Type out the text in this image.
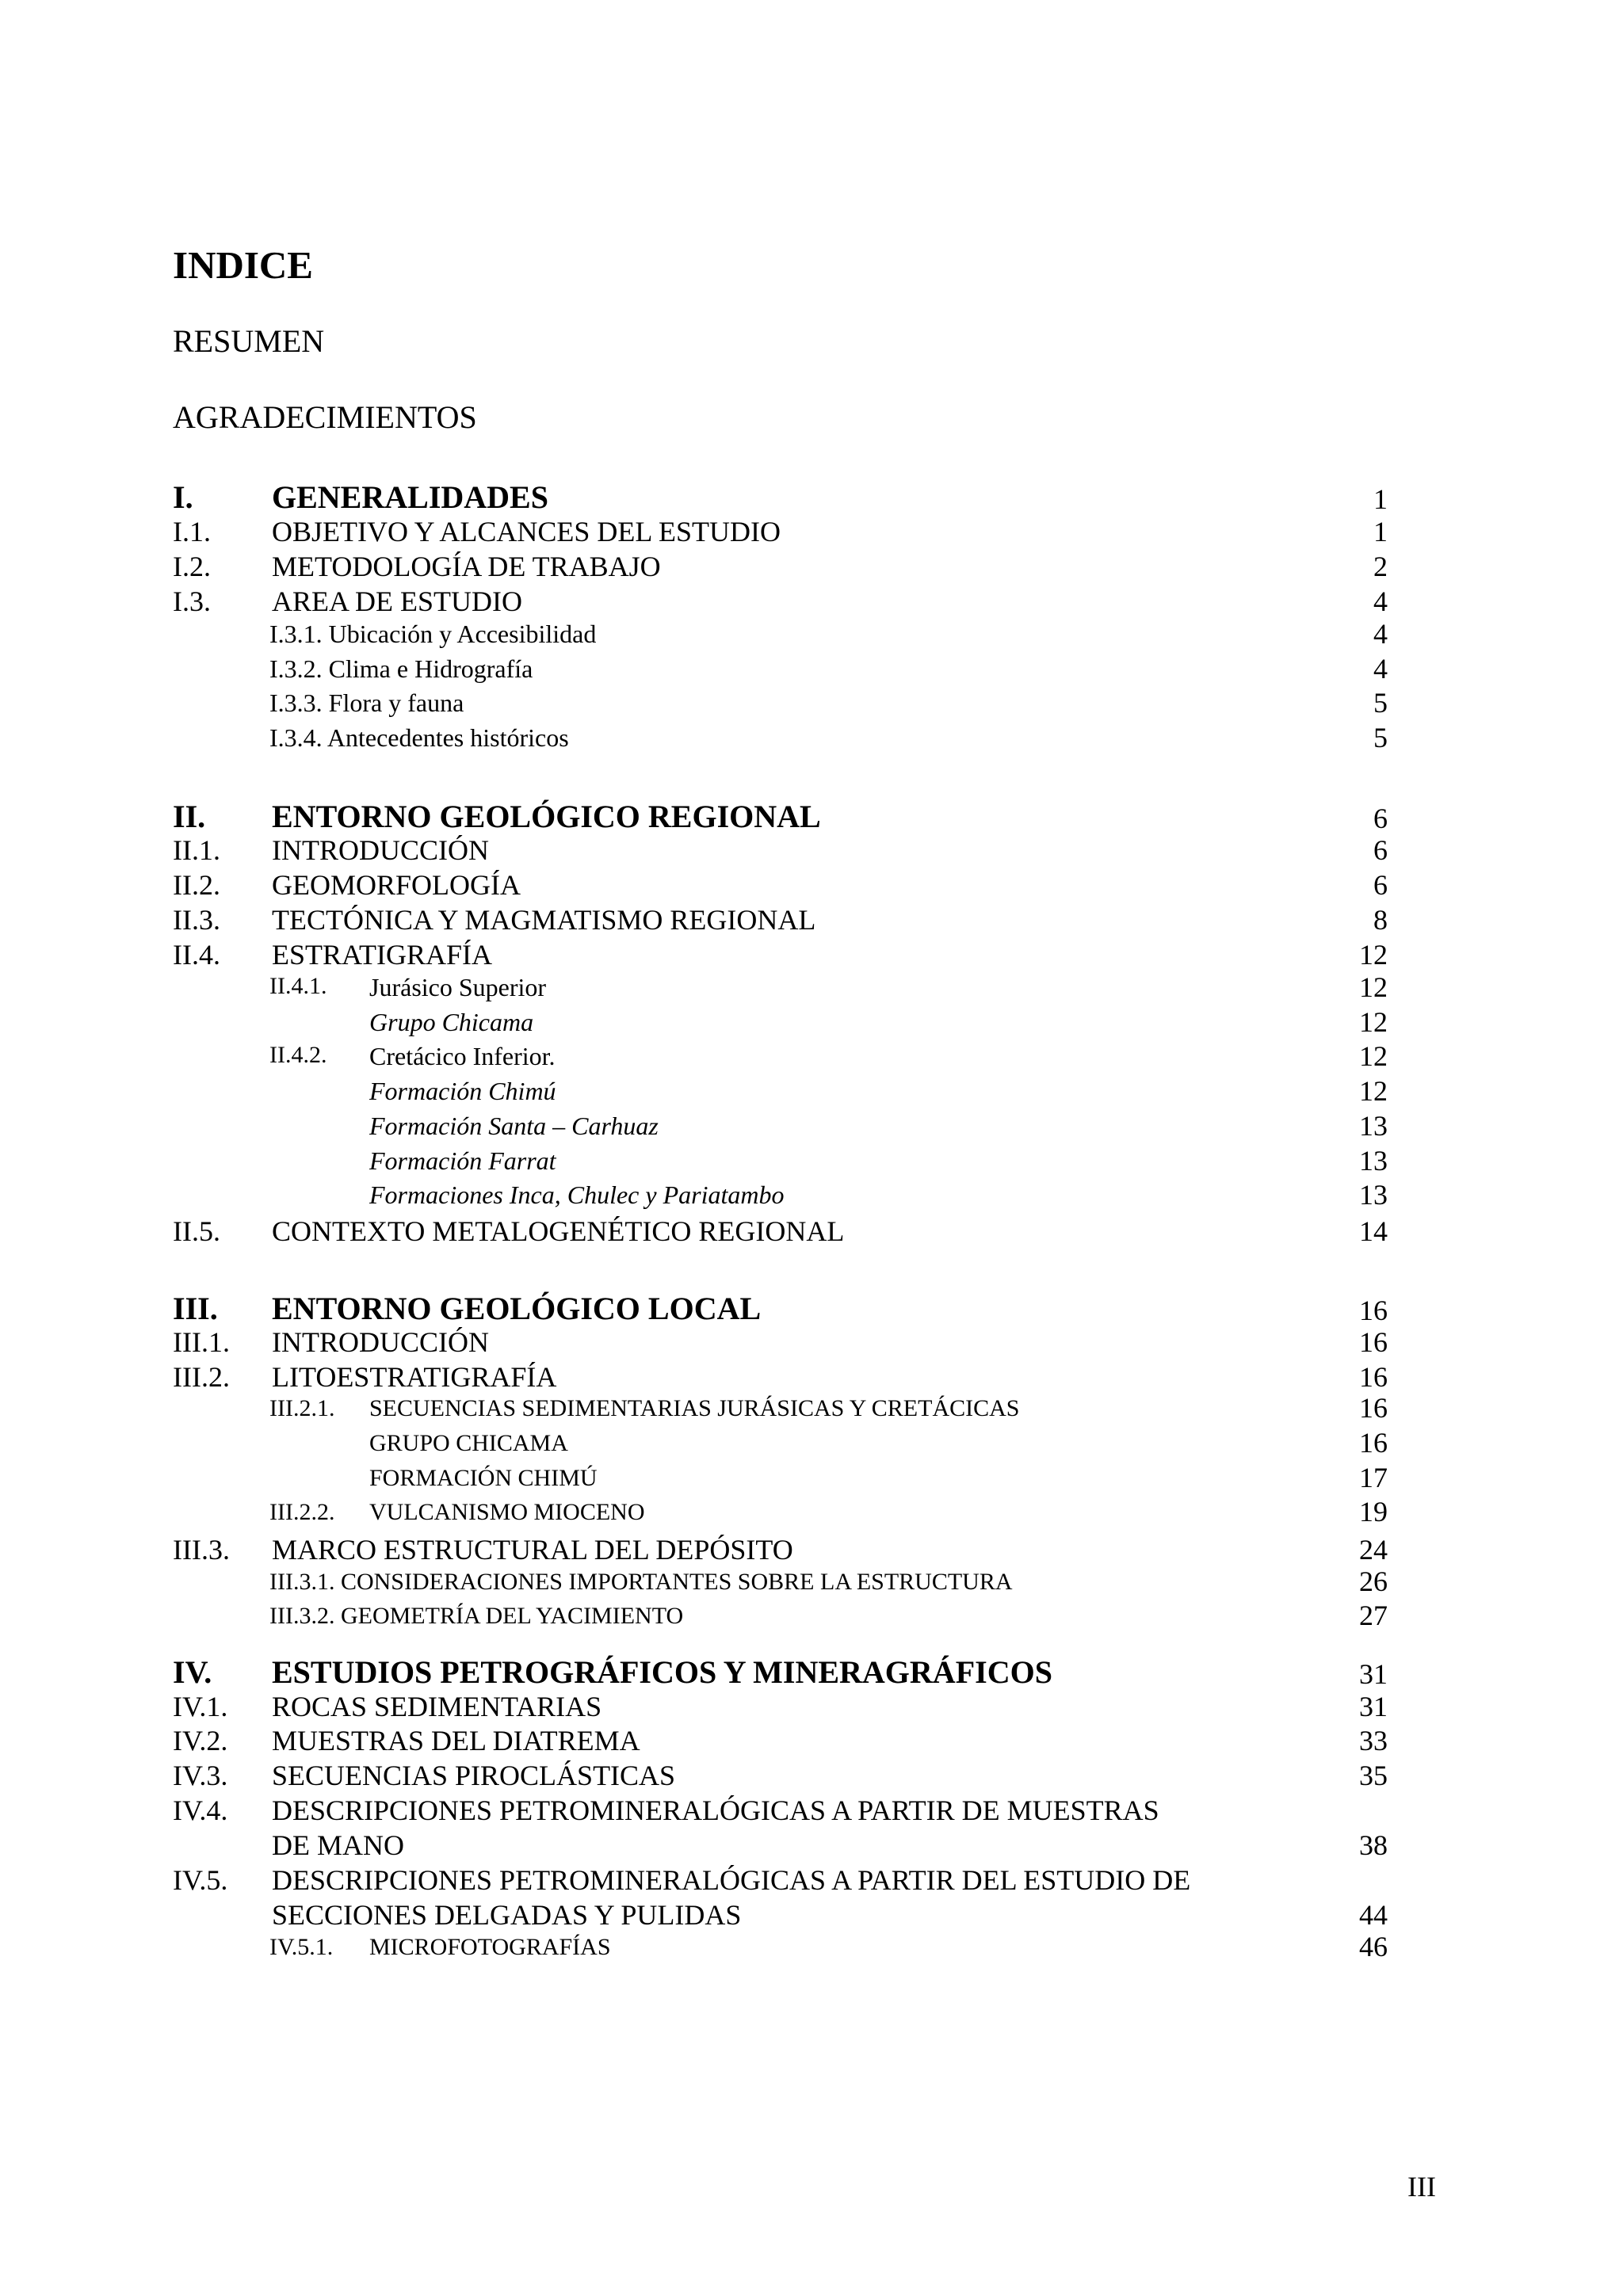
INDICE
RESUMEN
AGRADECIMIENTOS
I. GENERALIDADES	1
I.1. OBJETIVO Y ALCANCES DEL ESTUDIO	1
I.2. METODOLOGÍA DE TRABAJO	2
I.3. AREA DE ESTUDIO	4
I.3.1. Ubicación y Accesibilidad	4
I.3.2. Clima e Hidrografía	4
I.3.3. Flora y fauna	5
I.3.4. Antecedentes históricos	5
II. ENTORNO GEOLÓGICO REGIONAL	6
II.1. INTRODUCCIÓN	6
II.2. GEOMORFOLOGÍA	6
II.3. TECTÓNICA Y MAGMATISMO REGIONAL	8
II.4. ESTRATIGRAFÍA	12
II.4.1. Jurásico Superior	12
Grupo Chicama	12
II.4.2. Cretácico Inferior.	12
Formación Chimú	12
Formación Santa – Carhuaz	13
Formación Farrat	13
Formaciones Inca, Chulec y Pariatambo	13
II.5. CONTEXTO METALOGENÉTICO REGIONAL	14
III. ENTORNO GEOLÓGICO LOCAL	16
III.1. INTRODUCCIÓN	16
III.2. LITOESTRATIGRAFÍA	16
III.2.1. SECUENCIAS SEDIMENTARIAS JURÁSICAS Y CRETÁCICAS	16
GRUPO CHICAMA	16
FORMACIÓN CHIMÚ	17
III.2.2. VULCANISMO MIOCENO	19
III.3. MARCO ESTRUCTURAL DEL DEPÓSITO	24
III.3.1. CONSIDERACIONES IMPORTANTES SOBRE LA ESTRUCTURA	26
III.3.2. GEOMETRÍA DEL YACIMIENTO	27
IV. ESTUDIOS PETROGRÁFICOS Y MINERAGRÁFICOS	31
IV.1. ROCAS SEDIMENTARIAS	31
IV.2. MUESTRAS DEL DIATREMA	33
IV.3. SECUENCIAS PIROCLÁSTICAS	35
IV.4. DESCRIPCIONES PETROMINERALÓGICAS A PARTIR DE MUESTRAS
DE MANO	38
IV.5. DESCRIPCIONES PETROMINERALÓGICAS A PARTIR DEL ESTUDIO DE
SECCIONES DELGADAS Y PULIDAS	44
IV.5.1. MICROFOTOGRAFÍAS	46
III
